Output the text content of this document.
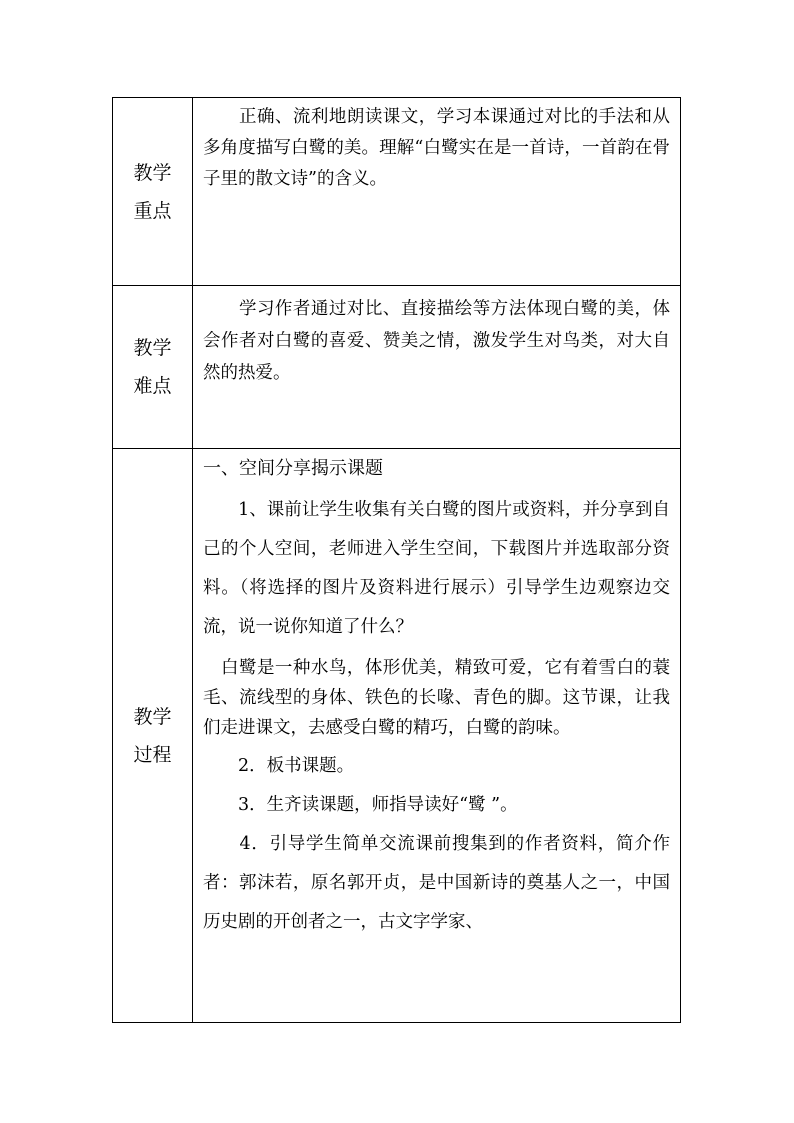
教学
重点

　　正确、流利地朗读课文，学习本课通过对比的手法和从多角度描写白鹭的美。理解“白鹭实在是一首诗，一首韵在骨子里的散文诗”的含义。

教学
难点

　　学习作者通过对比、直接描绘等方法体现白鹭的美，体会作者对白鹭的喜爱、赞美之情，激发学生对鸟类，对大自然的热爱。

教学
过程

一、空间分享揭示课题

　　1、课前让学生收集有关白鹭的图片或资料，并分享到自己的个人空间，老师进入学生空间，下载图片并选取部分资料。（将选择的图片及资料进行展示）引导学生边观察边交流，说一说你知道了什么？

　白鹭是一种水鸟，体形优美，精致可爱，它有着雪白的蓑毛、流线型的身体、铁色的长喙、青色的脚。这节课，让我们走进课文，去感受白鹭的精巧，白鹭的韵味。

　　2．板书课题。

　　3．生齐读课题，师指导读好“鹭 ”。

　　4．引导学生简单交流课前搜集到的作者资料，简介作者：郭沫若，原名郭开贞，是中国新诗的奠基人之一，中国历史剧的开创者之一，古文字学家、
